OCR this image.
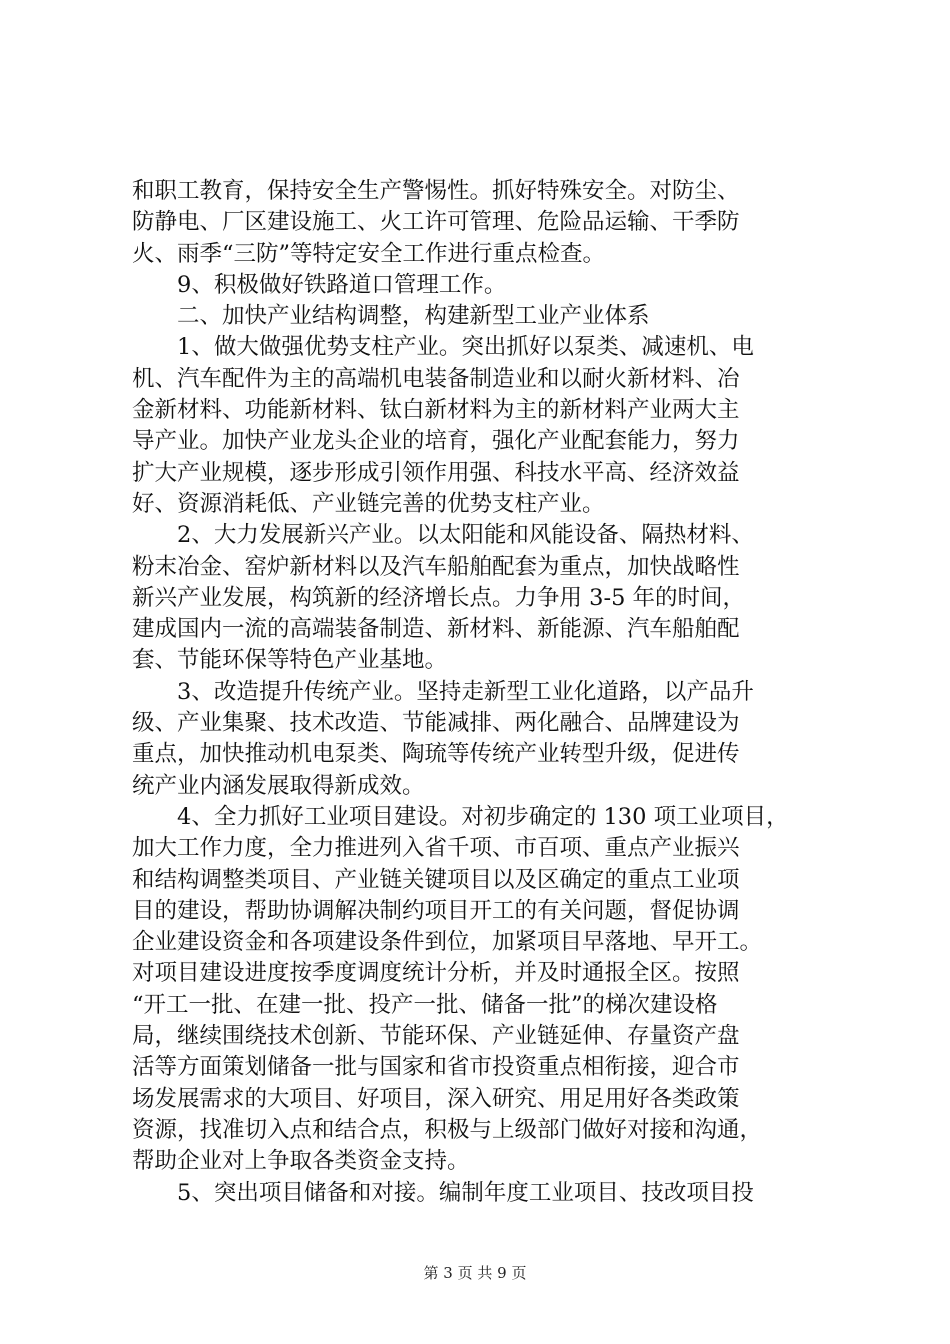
和职工教育，保持安全生产警惕性。抓好特殊安全。对防尘、
防静电、厂区建设施工、火工许可管理、危险品运输、干季防
火、雨季“三防”等特定安全工作进行重点检查。
9、积极做好铁路道口管理工作。
二、加快产业结构调整，构建新型工业产业体系
1、做大做强优势支柱产业。突出抓好以泵类、减速机、电
机、汽车配件为主的高端机电装备制造业和以耐火新材料、冶
金新材料、功能新材料、钛白新材料为主的新材料产业两大主
导产业。加快产业龙头企业的培育，强化产业配套能力，努力
扩大产业规模，逐步形成引领作用强、科技水平高、经济效益
好、资源消耗低、产业链完善的优势支柱产业。
2、大力发展新兴产业。以太阳能和风能设备、隔热材料、
粉末冶金、窑炉新材料以及汽车船舶配套为重点，加快战略性
新兴产业发展，构筑新的经济增长点。力争用 3-5 年的时间，
建成国内一流的高端装备制造、新材料、新能源、汽车船舶配
套、节能环保等特色产业基地。
3、改造提升传统产业。坚持走新型工业化道路，以产品升
级、产业集聚、技术改造、节能减排、两化融合、品牌建设为
重点，加快推动机电泵类、陶琉等传统产业转型升级，促进传
统产业内涵发展取得新成效。
4、全力抓好工业项目建设。对初步确定的 130 项工业项目，
加大工作力度，全力推进列入省千项、市百项、重点产业振兴
和结构调整类项目、产业链关键项目以及区确定的重点工业项
目的建设，帮助协调解决制约项目开工的有关问题，督促协调
企业建设资金和各项建设条件到位，加紧项目早落地、早开工。
对项目建设进度按季度调度统计分析，并及时通报全区。按照
“开工一批、在建一批、投产一批、储备一批”的梯次建设格
局，继续围绕技术创新、节能环保、产业链延伸、存量资产盘
活等方面策划储备一批与国家和省市投资重点相衔接，迎合市
场发展需求的大项目、好项目，深入研究、用足用好各类政策
资源，找准切入点和结合点，积极与上级部门做好对接和沟通，
帮助企业对上争取各类资金支持。
5、突出项目储备和对接。编制年度工业项目、技改项目投
第 3 页 共 9 页
